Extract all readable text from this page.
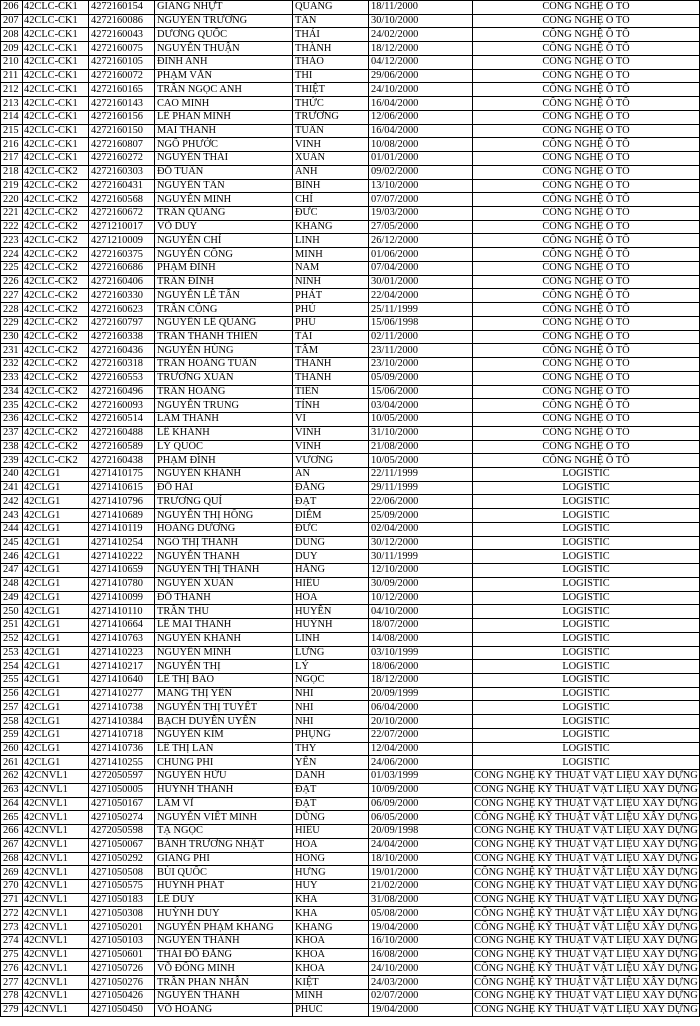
206	42CLC-CK1	4272160154	GIANG NHỰT	QUANG	18/11/2000	CÔNG NGHỆ Ô TÔ
207	42CLC-CK1	4272160086	NGUYỄN TRƯỜNG	TÂN	30/10/2000	CÔNG NGHỆ Ô TÔ
208	42CLC-CK1	4272160043	DƯƠNG QUỐC	THÁI	24/02/2000	CÔNG NGHỆ Ô TÔ
209	42CLC-CK1	4272160075	NGUYỄN THUẬN	THÀNH	18/12/2000	CÔNG NGHỆ Ô TÔ
210	42CLC-CK1	4272160105	ĐINH ANH	THẢO	04/12/2000	CÔNG NGHỆ Ô TÔ
211	42CLC-CK1	4272160072	PHẠM VĂN	THI	29/06/2000	CÔNG NGHỆ Ô TÔ
212	42CLC-CK1	4272160165	TRẦN NGỌC ANH	THIỆT	24/10/2000	CÔNG NGHỆ Ô TÔ
213	42CLC-CK1	4272160143	CAO MINH	THỨC	16/04/2000	CÔNG NGHỆ Ô TÔ
214	42CLC-CK1	4272160156	LÊ PHAN MINH	TRƯỜNG	12/06/2000	CÔNG NGHỆ Ô TÔ
215	42CLC-CK1	4272160150	MAI THANH	TUẤN	16/04/2000	CÔNG NGHỆ Ô TÔ
216	42CLC-CK1	4272160807	NGÔ PHƯỚC	VINH	10/08/2000	CÔNG NGHỆ Ô TÔ
217	42CLC-CK1	4272160272	NGUYỄN THÁI	XUÂN	01/01/2000	CÔNG NGHỆ Ô TÔ
218	42CLC-CK2	4272160303	ĐỖ TUẤN	ANH	09/02/2000	CÔNG NGHỆ Ô TÔ
219	42CLC-CK2	4272160431	NGUYỄN TẤN	BÌNH	13/10/2000	CÔNG NGHỆ Ô TÔ
220	42CLC-CK2	4272160568	NGUYỄN MINH	CHÍ	07/07/2000	CÔNG NGHỆ Ô TÔ
221	42CLC-CK2	4272160672	TRẦN QUANG	ĐỨC	19/03/2000	CÔNG NGHỆ Ô TÔ
222	42CLC-CK2	4271210017	VÕ DUY	KHANG	27/05/2000	CÔNG NGHỆ Ô TÔ
223	42CLC-CK2	4271210009	NGUYỄN CHÍ	LINH	26/12/2000	CÔNG NGHỆ Ô TÔ
224	42CLC-CK2	4272160375	NGUYỄN CÔNG	MINH	01/06/2000	CÔNG NGHỆ Ô TÔ
225	42CLC-CK2	4272160686	PHẠM ĐÌNH	NAM	07/04/2000	CÔNG NGHỆ Ô TÔ
226	42CLC-CK2	4272160406	TRẦN ĐÌNH	NINH	30/01/2000	CÔNG NGHỆ Ô TÔ
227	42CLC-CK2	4272160330	NGUYỄN LÊ TẤN	PHÁT	22/04/2000	CÔNG NGHỆ Ô TÔ
228	42CLC-CK2	4272160623	TRẦN CÔNG	PHÚ	25/11/1999	CÔNG NGHỆ Ô TÔ
229	42CLC-CK2	4272160797	NGUYỄN LÊ QUANG	PHÚ	15/06/1998	CÔNG NGHỆ Ô TÔ
230	42CLC-CK2	4272160338	TRẦN THANH THIÊN	TÀI	02/11/2000	CÔNG NGHỆ Ô TÔ
231	42CLC-CK2	4272160436	NGUYỄN HÙNG	TÂM	23/11/2000	CÔNG NGHỆ Ô TÔ
232	42CLC-CK2	4272160318	TRẦN HOÀNG TUẤN	THANH	23/10/2000	CÔNG NGHỆ Ô TÔ
233	42CLC-CK2	4272160553	TRƯƠNG XUÂN	THANH	05/09/2000	CÔNG NGHỆ Ô TÔ
234	42CLC-CK2	4272160496	TRẦN HOÀNG	TIẾN	15/06/2000	CÔNG NGHỆ Ô TÔ
235	42CLC-CK2	4272160093	NGUYỄN TRUNG	TÍNH	03/04/2000	CÔNG NGHỆ Ô TÔ
236	42CLC-CK2	4272160514	LÂM THÀNH	VI	10/05/2000	CÔNG NGHỆ Ô TÔ
237	42CLC-CK2	4272160488	LÊ KHÁNH	VINH	31/10/2000	CÔNG NGHỆ Ô TÔ
238	42CLC-CK2	4272160589	LÝ QUỐC	VINH	21/08/2000	CÔNG NGHỆ Ô TÔ
239	42CLC-CK2	4272160438	PHẠM ĐÌNH	VƯƠNG	10/05/2000	CÔNG NGHỆ Ô TÔ
240	42CLG1	4271410175	NGUYỄN KHÁNH	AN	22/11/1999	LOGISTIC
241	42CLG1	4271410615	ĐỖ HẢI	ĐĂNG	29/11/1999	LOGISTIC
242	42CLG1	4271410796	TRƯƠNG QUÍ	ĐẠT	22/06/2000	LOGISTIC
243	42CLG1	4271410689	NGUYỄN THỊ HỒNG	DIỄM	25/09/2000	LOGISTIC
244	42CLG1	4271410119	HOÀNG DƯƠNG	ĐỨC	02/04/2000	LOGISTIC
245	42CLG1	4271410254	NGÔ THỊ THANH	DUNG	30/12/2000	LOGISTIC
246	42CLG1	4271410222	NGUYỄN THANH	DUY	30/11/1999	LOGISTIC
247	42CLG1	4271410659	NGUYỄN THỊ THANH	HẰNG	12/10/2000	LOGISTIC
248	42CLG1	4271410780	NGUYỄN XUÂN	HIẾU	30/09/2000	LOGISTIC
249	42CLG1	4271410099	ĐỖ THANH	HÒA	10/12/2000	LOGISTIC
250	42CLG1	4271410110	TRẦN THU	HUYỀN	04/10/2000	LOGISTIC
251	42CLG1	4271410664	LÊ MAI THANH	HUỲNH	18/07/2000	LOGISTIC
252	42CLG1	4271410763	NGUYỄN KHÁNH	LINH	14/08/2000	LOGISTIC
253	42CLG1	4271410223	NGUYỄN MINH	LỪNG	03/10/1999	LOGISTIC
254	42CLG1	4271410217	NGUYỄN THỊ	LÝ	18/06/2000	LOGISTIC
255	42CLG1	4271410640	LÊ THỊ BẢO	NGỌC	18/12/2000	LOGISTIC
256	42CLG1	4271410277	MANG THỊ YẾN	NHI	20/09/1999	LOGISTIC
257	42CLG1	4271410738	NGUYỄN THỊ TUYẾT	NHI	06/04/2000	LOGISTIC
258	42CLG1	4271410384	BẠCH DUYÊN UYÊN	NHI	20/10/2000	LOGISTIC
259	42CLG1	4271410718	NGUYỄN KIM	PHỤNG	22/07/2000	LOGISTIC
260	42CLG1	4271410736	LÊ THỊ LAN	THY	12/04/2000	LOGISTIC
261	42CLG1	4271410255	CHUNG PHI	YẾN	24/06/2000	LOGISTIC
262	42CNVL1	4272050597	NGUYỄN HỮU	DANH	01/03/1999	CÔNG NGHỆ KỸ THUẬT VẬT LIỆU XÂY DỰNG
263	42CNVL1	4271050005	HUỲNH THÀNH	ĐẠT	10/09/2000	CÔNG NGHỆ KỸ THUẬT VẬT LIỆU XÂY DỰNG
264	42CNVL1	4271050167	LÂM VĨ	ĐẠT	06/09/2000	CÔNG NGHỆ KỸ THUẬT VẬT LIỆU XÂY DỰNG
265	42CNVL1	4271050274	NGUYỄN VIẾT MINH	DŨNG	06/05/2000	CÔNG NGHỆ KỸ THUẬT VẬT LIỆU XÂY DỰNG
266	42CNVL1	4272050598	TẠ NGỌC	HIẾU	20/09/1998	CÔNG NGHỆ KỸ THUẬT VẬT LIỆU XÂY DỰNG
267	42CNVL1	4271050067	BÀNH TRƯƠNG NHẬT	HÒA	24/04/2000	CÔNG NGHỆ KỸ THUẬT VẬT LIỆU XÂY DỰNG
268	42CNVL1	4271050292	GIANG PHI	HỒNG	18/10/2000	CÔNG NGHỆ KỸ THUẬT VẬT LIỆU XÂY DỰNG
269	42CNVL1	4271050508	BÙI QUỐC	HƯNG	19/01/2000	CÔNG NGHỆ KỸ THUẬT VẬT LIỆU XÂY DỰNG
270	42CNVL1	4271050575	HUỲNH PHÁT	HUY	21/02/2000	CÔNG NGHỆ KỸ THUẬT VẬT LIỆU XÂY DỰNG
271	42CNVL1	4271050183	LÊ DUY	KHA	31/08/2000	CÔNG NGHỆ KỸ THUẬT VẬT LIỆU XÂY DỰNG
272	42CNVL1	4271050308	HUỲNH DUY	KHA	05/08/2000	CÔNG NGHỆ KỸ THUẬT VẬT LIỆU XÂY DỰNG
273	42CNVL1	4271050201	NGUYỄN PHẠM KHANG	KHANG	19/04/2000	CÔNG NGHỆ KỸ THUẬT VẬT LIỆU XÂY DỰNG
274	42CNVL1	4271050103	NGUYỄN THÀNH	KHOA	16/10/2000	CÔNG NGHỆ KỸ THUẬT VẬT LIỆU XÂY DỰNG
275	42CNVL1	4271050601	THÁI ĐỖ ĐĂNG	KHOA	16/08/2000	CÔNG NGHỆ KỸ THUẬT VẬT LIỆU XÂY DỰNG
276	42CNVL1	4271050726	VÕ ĐÔNG MINH	KHOA	24/10/2000	CÔNG NGHỆ KỸ THUẬT VẬT LIỆU XÂY DỰNG
277	42CNVL1	4271050276	TRẦN PHAN NHÂN	KIỆT	24/03/2000	CÔNG NGHỆ KỸ THUẬT VẬT LIỆU XÂY DỰNG
278	42CNVL1	4271050426	NGUYỄN THÀNH	MINH	02/07/2000	CÔNG NGHỆ KỸ THUẬT VẬT LIỆU XÂY DỰNG
279	42CNVL1	4271050450	VÕ HOÀNG	PHÚC	19/04/2000	CÔNG NGHỆ KỸ THUẬT VẬT LIỆU XÂY DỰNG
